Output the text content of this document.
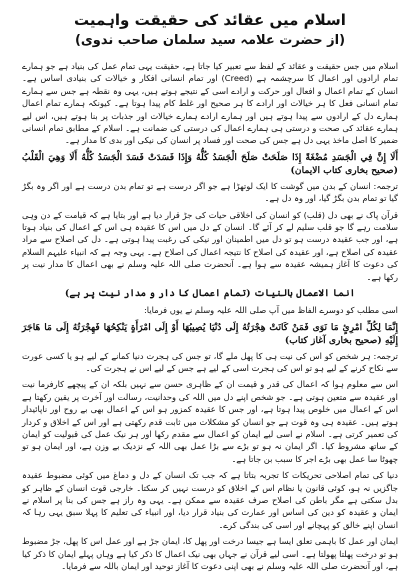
اسلام میں عقائد کی حقیقت واہمیت
(از حضرت علامہ سید سلمان صاحب ندوی)

اسلام میں جس حقیقت و عقائد کے لفظ سے تعبیر کیا جاتا ہے، حقیقت یہی تمام عمل کی بنیاد ہے جو ہمارے تمام ارادوں اور اعمال کا سرچشمہ ہے (Creed) اور تمام انسانی افکار و خیالات کی بنیادی اساس ہے۔ انسان کے تمام اعمال و افعال اور حرکت و ارادے اسی کے نتیجے ہوتے ہیں، یہی وہ نقطہ ہے جس سے ہمارے تمام انسانی فعل کا ہر خیالات اور ارادے کا ہر صحیح اور غلط کام پیدا ہوتا ہے۔ کیونکہ ہمارے تمام اعمال ہمارے دل کے ارادوں سے پیدا ہوتے ہیں اور ہمارے ارادے ہمارے خیالات اور جذبات پر بنا ہوتے ہیں، اس لیے ہمارے عقائد کی صحت و درستی ہی ہمارے اعمال کی درستی کی ضمانت ہے۔ اسلام کے مطابق تمام انسانی ضمیر کا اصل ماخذ یہی دل ہے جس کی صحت اور فساد پر انسان کی نیکی اور بدی کا مدار ہے۔

أَلَا إِنَّ فِي الْجَسَدِ مُضْغَةً إِذَا صَلَحَتْ صَلَحَ الْجَسَدُ كُلُّهُ وَإِذَا فَسَدَتْ فَسَدَ الْجَسَدُ كُلُّهُ أَلَا وَهِيَ الْقَلْبُ (صحیح بخاری کتاب الایمان)

ترجمہ: انسان کے بدن میں گوشت کا ایک لوتھڑا ہے جو اگر درست ہے تو تمام بدن درست ہے اور اگر وہ بگڑ گیا تو تمام بدن بگڑ گیا، اور وہ دل ہے۔

قرآن پاک نے بھی دل (قلب) کو انسان کی اخلاقی حیات کی جڑ قرار دیا ہے اور بتایا ہے کہ قیامت کے دن وہی سلامت رہے گا جو قلب سلیم لے کر آئے گا۔ انسان کے دل میں اس کا عقیدہ ہی اس کے اعمال کی بنیاد ہوتا ہے، اور جب عقیدہ درست ہو تو دل میں اطمینان اور نیکی کی رغبت پیدا ہوتی ہے۔ دل کی اصلاح سے مراد عقیدہ کی اصلاح ہے، اور عقیدہ کی اصلاح کا نتیجہ اعمال کی اصلاح ہے۔ یہی وجہ ہے کہ انبیاء علیہم السلام کی دعوت کا آغاز ہمیشہ عقیدہ سے ہوا ہے۔ آنحضرت صلی اللہ علیہ وسلم نے بھی اعمال کا مدار نیت پر رکھا ہے۔

انما الاعمال بالنيات (تمام اعمال کا دار و مدار نیت پر ہے)

اسی مطلب کو دوسرے الفاظ میں آپ صلی اللہ علیہ وسلم نے یوں فرمایا:

إِنَّمَا لِكُلِّ امْرِئٍ مَا نَوَى فَمَنْ كَانَتْ هِجْرَتُهُ إِلَى دُنْيَا يُصِيبُهَا أَوْ إِلَى امْرَأَةٍ يَنْكِحُهَا فَهِجْرَتُهُ إِلَى مَا هَاجَرَ إِلَيْهِ (صحیح بخاری آغاز کتاب)

ترجمہ: ہر شخص کو اس کی نیت ہی کا پھل ملے گا، تو جس کی ہجرت دنیا کمانے کے لیے ہو یا کسی عورت سے نکاح کرنے کے لیے ہو تو اس کی ہجرت اسی کے لیے ہے جس کے لیے اس نے ہجرت کی۔

اس سے معلوم ہوا کہ اعمال کی قدر و قیمت ان کے ظاہری حسن سے نہیں بلکہ ان کے پیچھے کارفرما نیت اور عقیدہ سے متعین ہوتی ہے۔ جو شخص اپنے دل میں اللہ کی وحدانیت، رسالت اور آخرت پر یقین رکھتا ہے اس کے اعمال میں خلوص پیدا ہوتا ہے، اور جس کا عقیدہ کمزور ہو اس کے اعمال بھی بے روح اور ناپائیدار ہوتے ہیں۔ عقیدہ ہی وہ قوت ہے جو انسان کو مشکلات میں ثابت قدم رکھتی ہے اور اس کے اخلاق و کردار کی تعمیر کرتی ہے۔ اسلام نے اسی لیے ایمان کو اعمال سے مقدم رکھا اور ہر نیک عمل کی قبولیت کو ایمان کے ساتھ مشروط کیا۔ اگر ایمان نہ ہو تو بڑے سے بڑا عمل بھی اللہ کے نزدیک بے وزن ہے، اور ایمان ہو تو چھوٹا سا عمل بھی بڑے اجر کا سبب بن جاتا ہے۔

دنیا کی تمام اصلاحی تحریکات کا تجربہ بتاتا ہے کہ جب تک انسان کے دل و دماغ میں کوئی مضبوط عقیدہ جاگزیں نہ ہو، کوئی قانون یا نظام اس کے اخلاق کو درست نہیں کر سکتا۔ خارجی قوت انسان کے ظاہر کو بدل سکتی ہے مگر باطن کی اصلاح صرف عقیدہ سے ممکن ہے۔ یہی وہ راز ہے جس کی بنا پر اسلام نے ایمان و عقیدہ کو دین کی اساس اور عمارت کی بنیاد قرار دیا، اور انبیاء کی تعلیم کا پہلا سبق یہی رہا کہ انسان اپنے خالق کو پہچانے اور اسی کی بندگی کرے۔

ایمان اور عمل کا باہمی تعلق ایسا ہے جیسا درخت اور پھل کا، ایمان جڑ ہے اور عمل اس کا پھل، جڑ مضبوط ہو تو درخت پھلتا پھولتا ہے۔ اسی لیے قرآن نے جہاں بھی نیک اعمال کا ذکر کیا ہے وہاں پہلے ایمان کا ذکر کیا ہے، اور آنحضرت صلی اللہ علیہ وسلم نے بھی اپنی دعوت کا آغاز توحید اور ایمان باللہ سے فرمایا۔
